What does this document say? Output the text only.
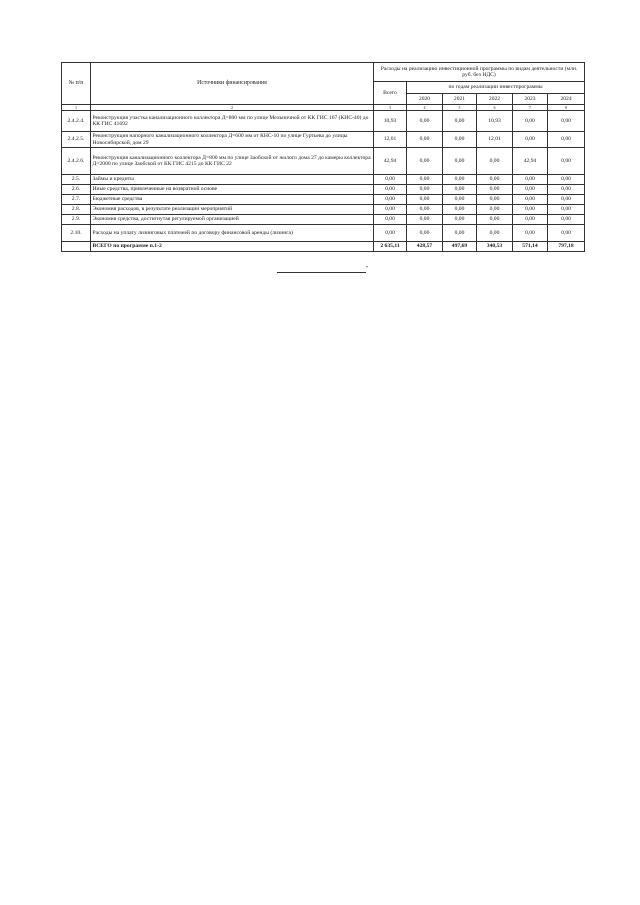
№ п/п	Источники финансирования	Расходы на реализацию инвестиционной программы по видам деятельности (млн. руб. без НДС)					
		Всего	по годам реализации инвестпрограммы				
			2020	2021	2022	2023	2024
1	2	3	4	5	6	7	8
2.4.2.4.	Реконструкция участка канализационного коллектора Д=800 мм по улице Мельничной от КК ГИС 167 (КИС-40) до КК ГИС 41692	10,93	0,00	0,00	10,93	0,00	0,00
2.4.2.5.	Реконструкция напорного канализационного коллектора Д=600 мм от КНС-10 по улице Гуртьева до улицы Новосибирской, дом 29	12,01	0,00	0,00	12,01	0,00	0,00
2.4.2.6.	Реконструкция канализационного коллектора Д=800 мм по улице Заобской от жилого дома 27 до камеры коллектора Д=2000 по улице Заобской от КК ГИС 4215 до КК ГИС 22	42,94	0,00	0,00	0,00	42,94	0,00
2.5.	Займы и кредиты	0,00	0,00	0,00	0,00	0,00	0,00
2.6.	Иные средства, привлеченные на возвратной основе	0,00	0,00	0,00	0,00	0,00	0,00
2.7.	Бюджетные средства	0,00	0,00	0,00	0,00	0,00	0,00
2.8.	Экономия расходов, в результате реализации мероприятий	0,00	0,00	0,00	0,00	0,00	0,00
2.9.	Экономия средства, достигнутая регулируемой организацией	0,00	0,00	0,00	0,00	0,00	0,00
2.10.	Расходы на уплату лизинговых платежей по договору финансовой аренды (лизинга)	0,00	0,00	0,00	0,00	0,00	0,00
	ВСЕГО по программе п.1-2	2 635,11	428,57	497,69	340,53	571,14	797,18
"
